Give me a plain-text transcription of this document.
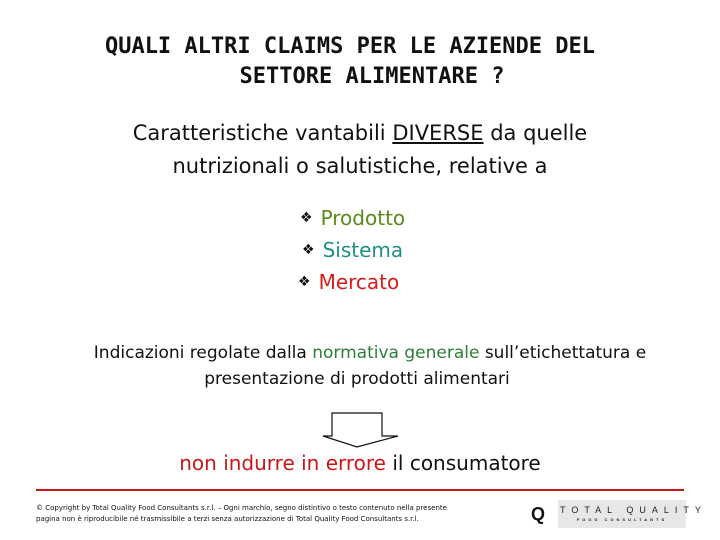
QUALI ALTRI CLAIMS PER LE AZIENDE DEL
SETTORE ALIMENTARE ?
Caratteristiche vantabili DIVERSE da quelle
nutrizionali o salutistiche, relative a
❖ Prodotto
❖ Sistema
❖ Mercato
Indicazioni regolate dalla normativa generale sull’etichettatura e
presentazione di prodotti alimentari
non indurre in errore il consumatore
© Copyright by Total Quality Food Consultants s.r.l. – Ogni marchio, segno distintivo o testo contenuto nella presente
pagina non è riproducibile né trasmissibile a terzi senza autorizzazione di Total Quality Food Consultants s.r.l.	Q	TOTAL QUALITY
FOOD CONSULTANTS
